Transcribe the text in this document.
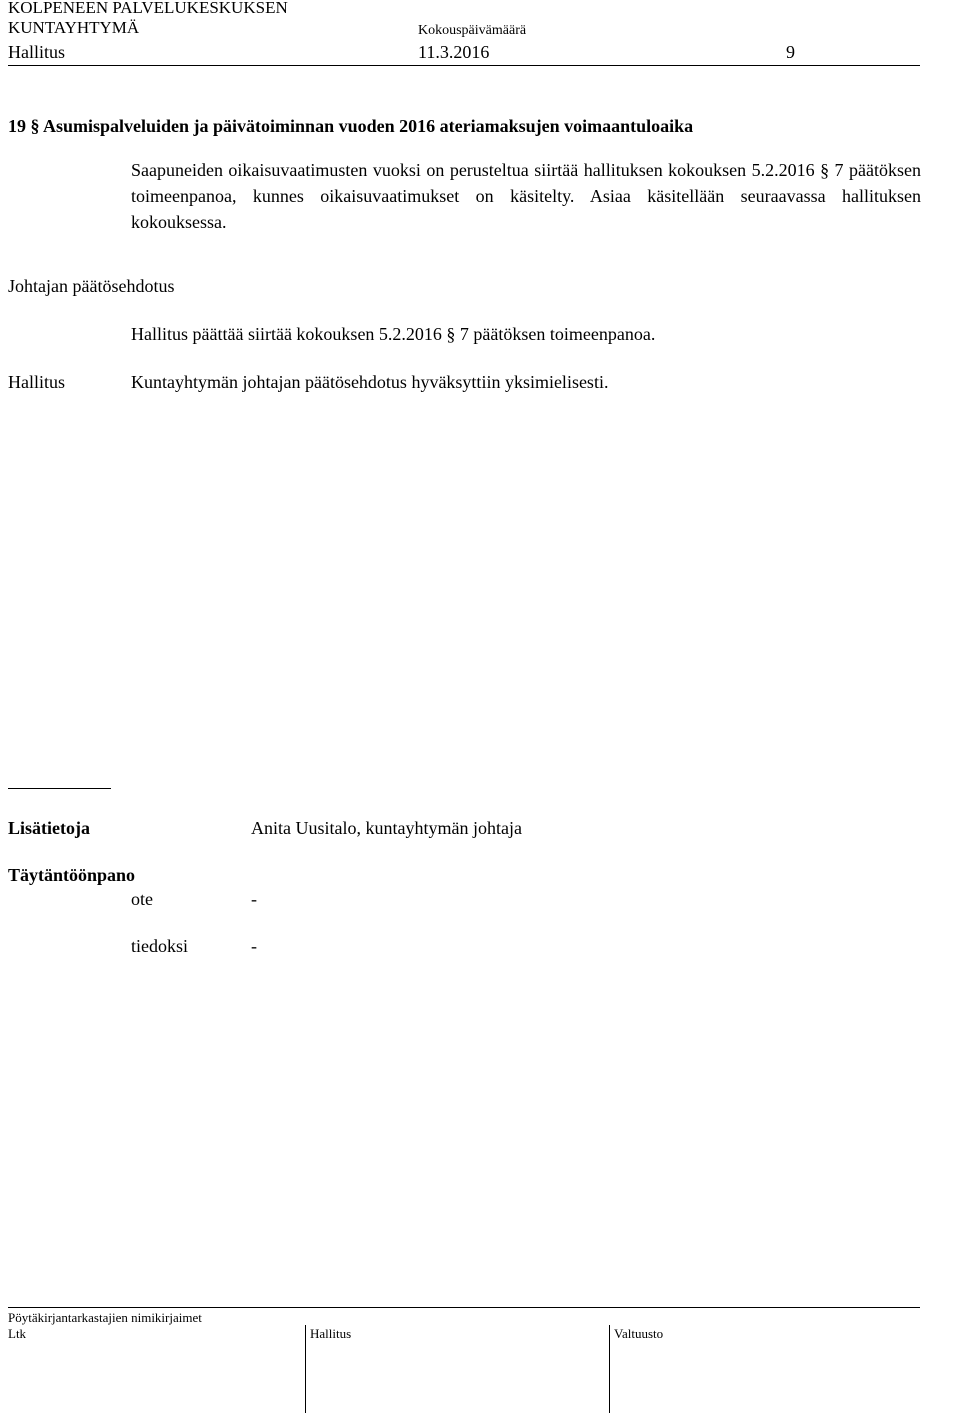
KOLPENEEN PALVELUKESKUKSEN
KUNTAYHTYMÄ	Kokouspäivämäärä
Hallitus	11.3.2016	9
19 § Asumispalveluiden ja päivätoiminnan vuoden 2016 ateriamaksujen voimaantuloaika
Saapuneiden oikaisuvaatimusten vuoksi on perusteltua siirtää hallituksen kokouksen 5.2.2016 § 7 päätöksen toimeenpanoa, kunnes oikaisuvaatimukset on käsitelty. Asiaa käsitellään seuraavassa hallituksen kokouksessa.
Johtajan päätösehdotus
Hallitus päättää siirtää kokouksen 5.2.2016 § 7 päätöksen toimeenpanoa.
Hallitus	Kuntayhtymän johtajan päätösehdotus hyväksyttiin yksimielisesti.
Lisätietoja	Anita Uusitalo, kuntayhtymän johtaja
Täytäntöönpano
ote	-
tiedoksi	-
Pöytäkirjantarkastajien nimikirjaimet
Ltk	Hallitus	Valtuusto
